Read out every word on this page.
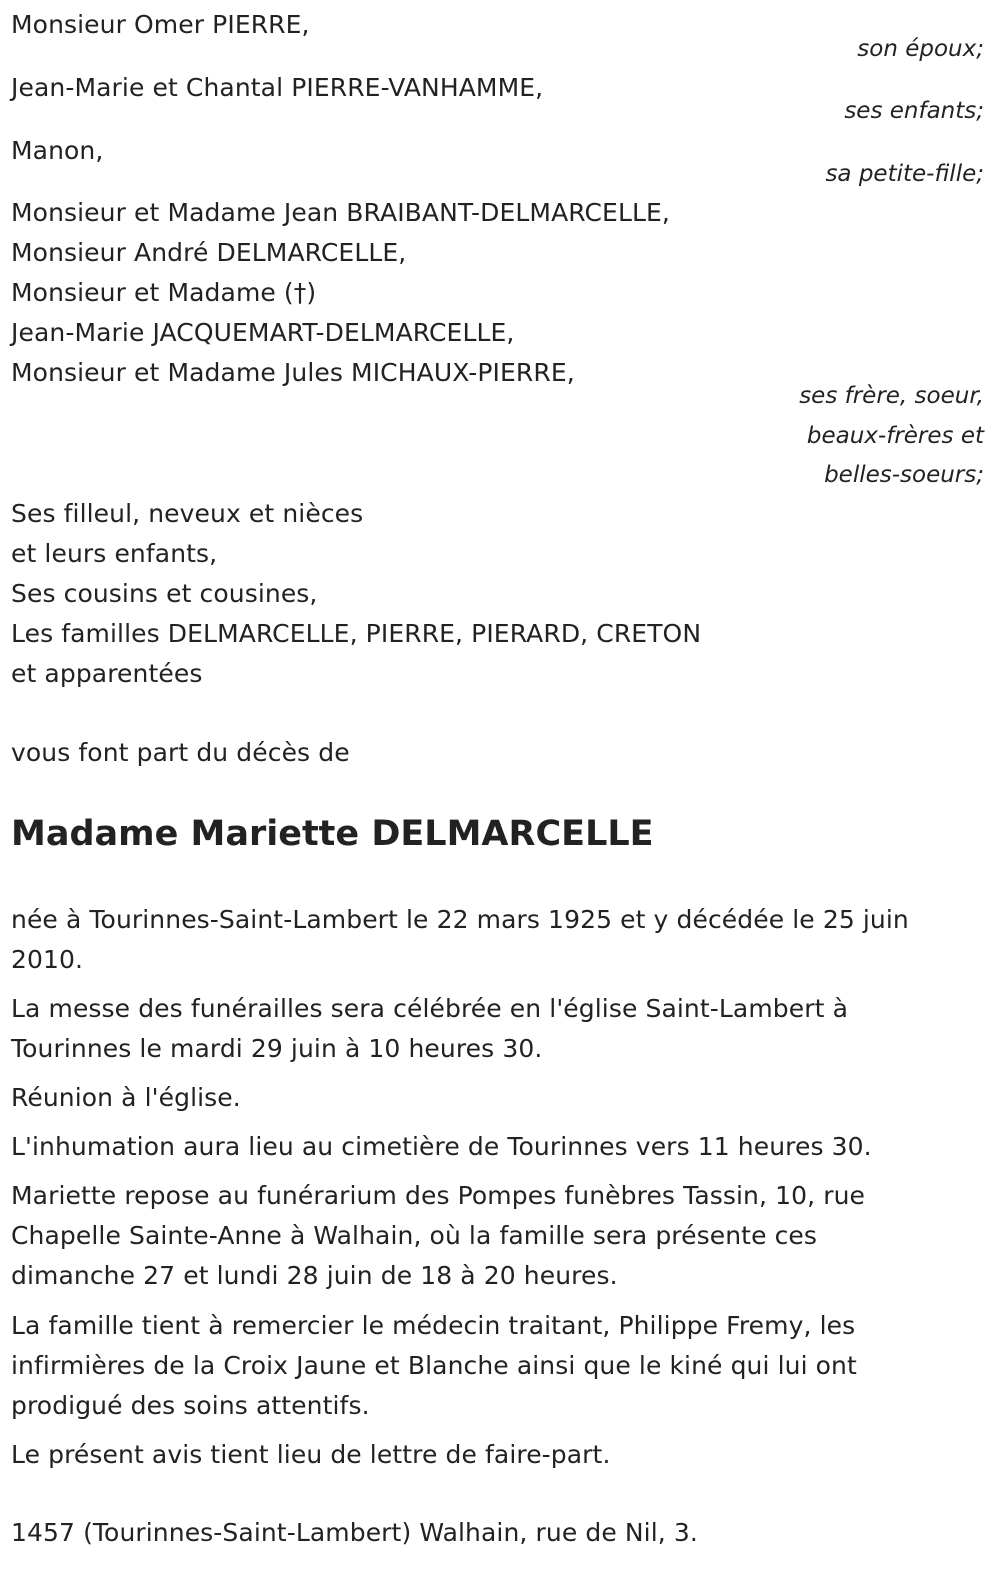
Monsieur Omer PIERRE,
son époux;
Jean-Marie et Chantal PIERRE-VANHAMME,
ses enfants;
Manon,
sa petite-fille;
Monsieur et Madame Jean BRAIBANT-DELMARCELLE,
Monsieur André DELMARCELLE,
Monsieur et Madame (†)
Jean-Marie JACQUEMART-DELMARCELLE,
Monsieur et Madame Jules MICHAUX-PIERRE,
ses frère, soeur,
beaux-frères et
belles-soeurs;
Ses filleul, neveux et nièces
et leurs enfants,
Ses cousins et cousines,
Les familles DELMARCELLE, PIERRE, PIERARD, CRETON
et apparentées
vous font part du décès de
Madame Mariette DELMARCELLE
née à Tourinnes-Saint-Lambert le 22 mars 1925 et y décédée le 25 juin
2010.
La messe des funérailles sera célébrée en l'église Saint-Lambert à
Tourinnes le mardi 29 juin à 10 heures 30.
Réunion à l'église.
L'inhumation aura lieu au cimetière de Tourinnes vers 11 heures 30.
Mariette repose au funérarium des Pompes funèbres Tassin, 10, rue
Chapelle Sainte-Anne à Walhain, où la famille sera présente ces
dimanche 27 et lundi 28 juin de 18 à 20 heures.
La famille tient à remercier le médecin traitant, Philippe Fremy, les
infirmières de la Croix Jaune et Blanche ainsi que le kiné qui lui ont
prodigué des soins attentifs.
Le présent avis tient lieu de lettre de faire-part.
1457 (Tourinnes-Saint-Lambert) Walhain, rue de Nil, 3.
